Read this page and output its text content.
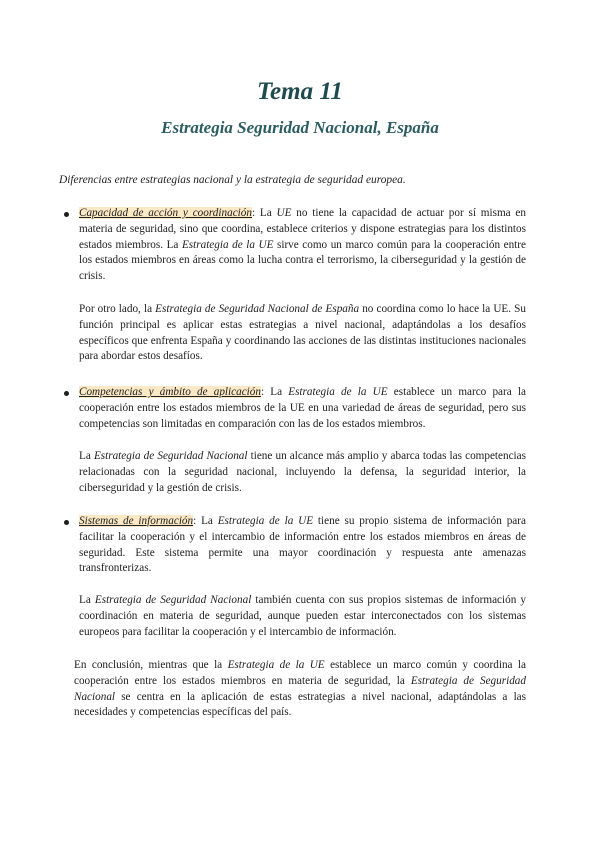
Tema 11
Estrategia Seguridad Nacional, España
Diferencias entre estrategias nacional y la estrategia de seguridad europea.
Capacidad de acción y coordinación: La UE no tiene la capacidad de actuar por sí misma en materia de seguridad, sino que coordina, establece criterios y dispone estrategias para los distintos estados miembros. La Estrategia de la UE sirve como un marco común para la cooperación entre los estados miembros en áreas como la lucha contra el terrorismo, la ciberseguridad y la gestión de crisis.
Por otro lado, la Estrategia de Seguridad Nacional de España no coordina como lo hace la UE. Su función principal es aplicar estas estrategias a nivel nacional, adaptándolas a los desafíos específicos que enfrenta España y coordinando las acciones de las distintas instituciones nacionales para abordar estos desafíos.
Competencias y ámbito de aplicación: La Estrategia de la UE establece un marco para la cooperación entre los estados miembros de la UE en una variedad de áreas de seguridad, pero sus competencias son limitadas en comparación con las de los estados miembros.
La Estrategia de Seguridad Nacional tiene un alcance más amplio y abarca todas las competencias relacionadas con la seguridad nacional, incluyendo la defensa, la seguridad interior, la ciberseguridad y la gestión de crisis.
Sistemas de información: La Estrategia de la UE tiene su propio sistema de información para facilitar la cooperación y el intercambio de información entre los estados miembros en áreas de seguridad. Este sistema permite una mayor coordinación y respuesta ante amenazas transfronterizas.
La Estrategia de Seguridad Nacional también cuenta con sus propios sistemas de información y coordinación en materia de seguridad, aunque pueden estar interconectados con los sistemas europeos para facilitar la cooperación y el intercambio de información.
En conclusión, mientras que la Estrategia de la UE establece un marco común y coordina la cooperación entre los estados miembros en materia de seguridad, la Estrategia de Seguridad Nacional se centra en la aplicación de estas estrategias a nivel nacional, adaptándolas a las necesidades y competencias específicas del país.
